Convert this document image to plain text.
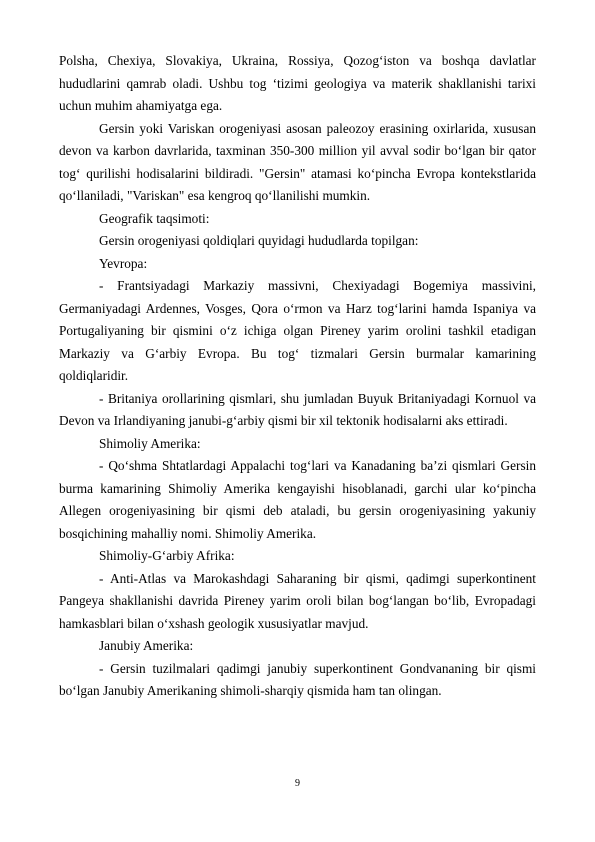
Polsha, Chexiya, Slovakiya, Ukraina, Rossiya, Qozogʻiston va boshqa davlatlar hududlarini qamrab oladi. Ushbu tog ʻtizimi geologiya va materik shakllanishi tarixi uchun muhim ahamiyatga ega.

Gersin yoki Variskan orogeniyasi asosan paleozoy erasining oxirlarida, xususan devon va karbon davrlarida, taxminan 350-300 million yil avval sodir boʻlgan bir qator togʻ qurilishi hodisalarini bildiradi. "Gersin" atamasi koʻpincha Evropa kontekstlarida qoʻllaniladi, "Variskan" esa kengroq qoʻllanilishi mumkin.

Geografik taqsimoti:

Gersin orogeniyasi qoldiqlari quyidagi hududlarda topilgan:

Yevropa:

- Frantsiyadagi Markaziy massivni, Chexiyadagi Bogemiya massivini, Germaniyadagi Ardennes, Vosges, Qora oʻrmon va Harz togʻlarini hamda Ispaniya va Portugaliyaning bir qismini oʻz ichiga olgan Pireney yarim orolini tashkil etadigan Markaziy va Gʻarbiy Evropa. Bu togʻ tizmalari Gersin burmalar kamarining qoldiqlaridir.

- Britaniya orollarining qismlari, shu jumladan Buyuk Britaniyadagi Kornuol va Devon va Irlandiyaning janubi-gʻarbiy qismi bir xil tektonik hodisalarni aks ettiradi.

Shimoliy Amerika:

- Qoʻshma Shtatlardagi Appalachi togʻlari va Kanadaning baʼzi qismlari Gersin burma kamarining Shimoliy Amerika kengayishi hisoblanadi, garchi ular koʻpincha Allegen orogeniyasining bir qismi deb ataladi, bu gersin orogeniyasining yakuniy bosqichining mahalliy nomi. Shimoliy Amerika.

Shimoliy-Gʻarbiy Afrika:

- Anti-Atlas va Marokashdagi Saharaning bir qismi, qadimgi superkontinent Pangeya shakllanishi davrida Pireney yarim oroli bilan bogʻlangan boʻlib, Evropadagi hamkasblari bilan oʻxshash geologik xususiyatlar mavjud.

Janubiy Amerika:

- Gersin tuzilmalari qadimgi janubiy superkontinent Gondvananing bir qismi boʻlgan Janubiy Amerikaning shimoli-sharqiy qismida ham tan olingan.

9
